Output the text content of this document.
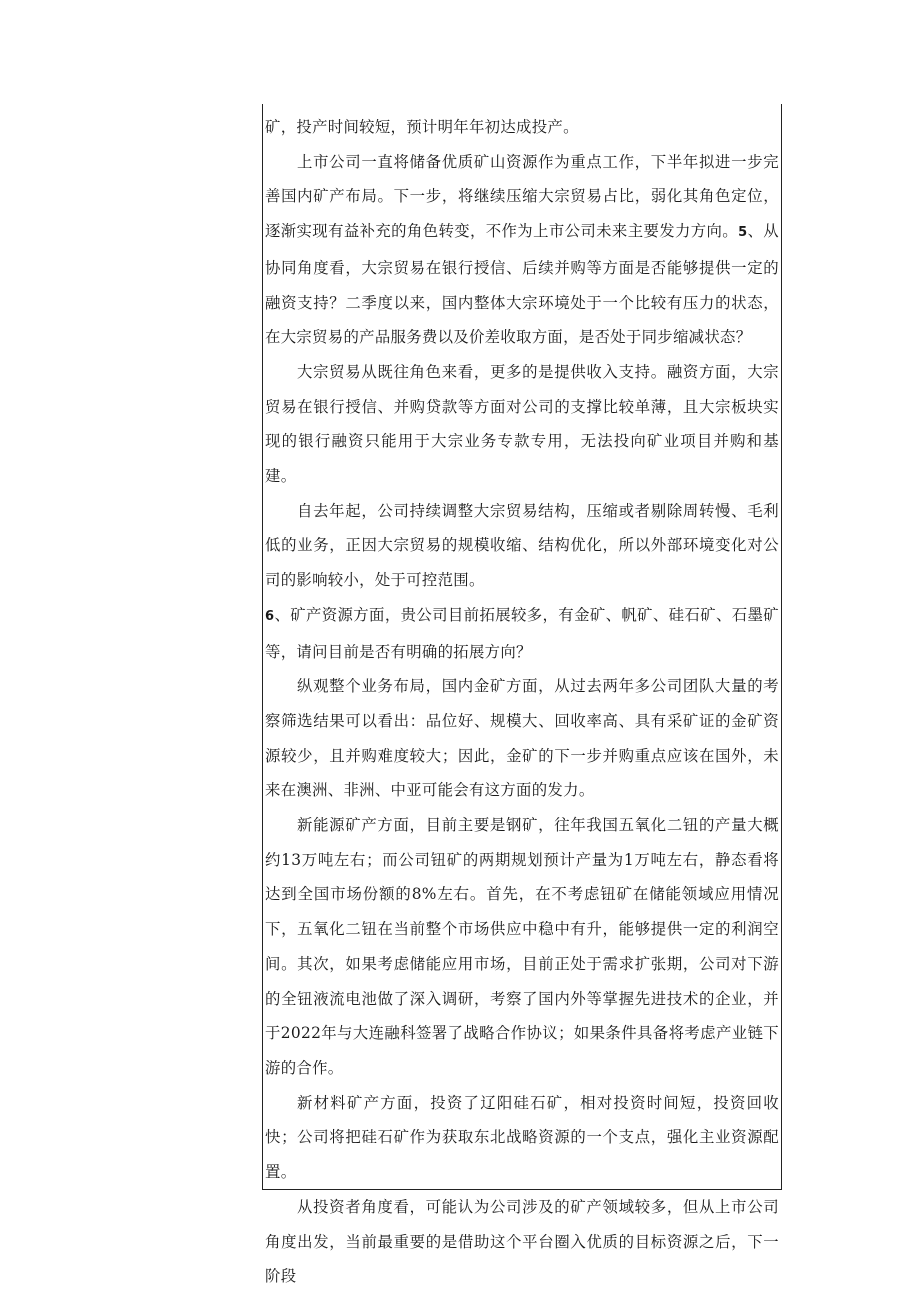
矿，投产时间较短，预计明年年初达成投产。

上市公司一直将储备优质矿山资源作为重点工作，下半年拟进一步完善国内矿产布局。下一步，将继续压缩大宗贸易占比，弱化其角色定位，逐渐实现有益补充的角色转变，不作为上市公司未来主要发力方向。5、从协同角度看，大宗贸易在银行授信、后续并购等方面是否能够提供一定的融资支持？二季度以来，国内整体大宗环境处于一个比较有压力的状态，在大宗贸易的产品服务费以及价差收取方面，是否处于同步缩减状态？

大宗贸易从既往角色来看，更多的是提供收入支持。融资方面，大宗贸易在银行授信、并购贷款等方面对公司的支撑比较单薄，且大宗板块实现的银行融资只能用于大宗业务专款专用，无法投向矿业项目并购和基建。

自去年起，公司持续调整大宗贸易结构，压缩或者剔除周转慢、毛利低的业务，正因大宗贸易的规模收缩、结构优化，所以外部环境变化对公司的影响较小，处于可控范围。

6、矿产资源方面，贵公司目前拓展较多，有金矿、帆矿、硅石矿、石墨矿等，请问目前是否有明确的拓展方向？

纵观整个业务布局，国内金矿方面，从过去两年多公司团队大量的考察筛选结果可以看出：品位好、规模大、回收率高、具有采矿证的金矿资源较少，且并购难度较大；因此，金矿的下一步并购重点应该在国外，未来在澳洲、非洲、中亚可能会有这方面的发力。

新能源矿产方面，目前主要是钢矿，往年我国五氧化二钮的产量大概约13万吨左右；而公司钮矿的两期规划预计产量为1万吨左右，静态看将达到全国市场份额的8%左右。首先，在不考虑钮矿在储能领域应用情况下，五氧化二钮在当前整个市场供应中稳中有升，能够提供一定的利润空间。其次，如果考虑储能应用市场，目前正处于需求扩张期，公司对下游的全钮液流电池做了深入调研，考察了国内外等掌握先进技术的企业，并于2022年与大连融科签署了战略合作协议；如果条件具备将考虑产业链下游的合作。

新材料矿产方面，投资了辽阳硅石矿，相对投资时间短，投资回收快；公司将把硅石矿作为获取东北战略资源的一个支点，强化主业资源配置。

从投资者角度看，可能认为公司涉及的矿产领域较多，但从上市公司角度出发，当前最重要的是借助这个平台圈入优质的目标资源之后，下一阶段
